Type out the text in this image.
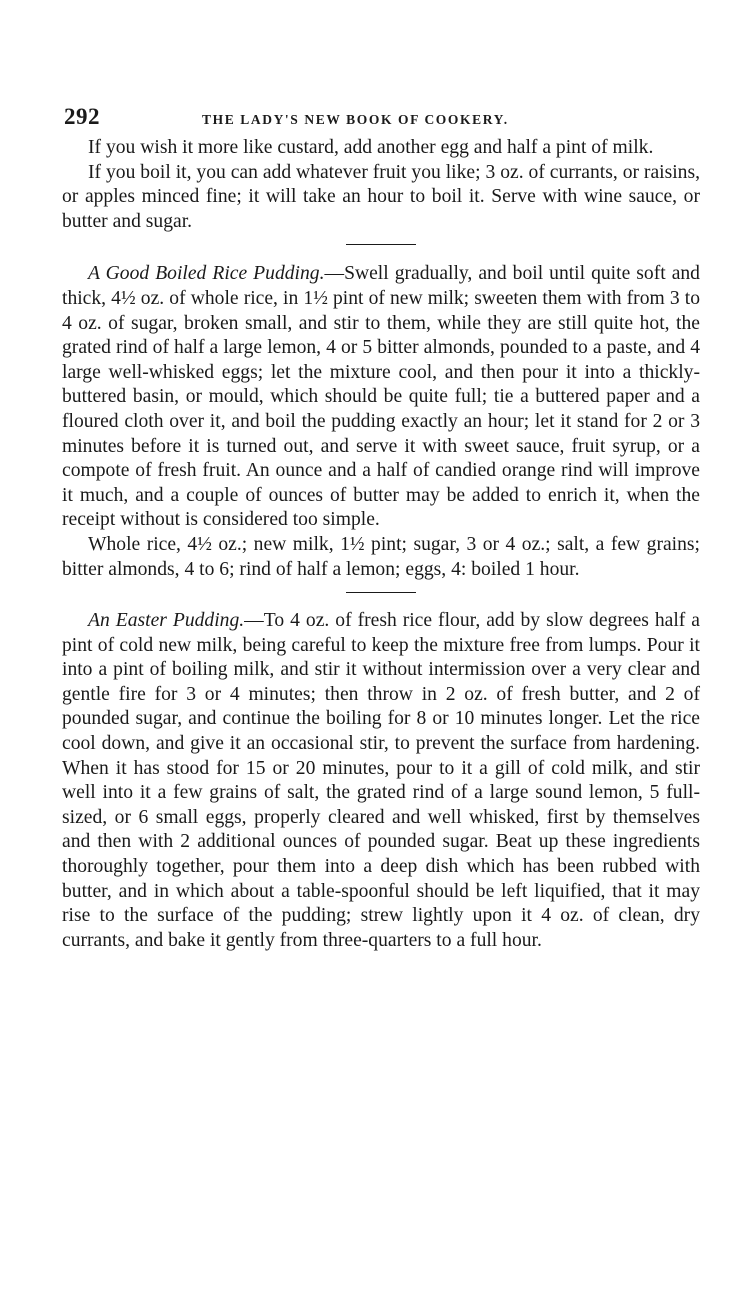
292	THE LADY'S NEW BOOK OF COOKERY.

If you wish it more like custard, add another egg and half a pint of milk.

If you boil it, you can add whatever fruit you like; 3 oz. of currants, or raisins, or apples minced fine; it will take an hour to boil it. Serve with wine sauce, or butter and sugar.

A Good Boiled Rice Pudding.—Swell gradually, and boil until quite soft and thick, 4½ oz. of whole rice, in 1½ pint of new milk; sweeten them with from 3 to 4 oz. of sugar, broken small, and stir to them, while they are still quite hot, the grated rind of half a large lemon, 4 or 5 bitter almonds, pounded to a paste, and 4 large well-whisked eggs; let the mixture cool, and then pour it into a thickly-buttered basin, or mould, which should be quite full; tie a buttered paper and a floured cloth over it, and boil the pudding exactly an hour; let it stand for 2 or 3 minutes before it is turned out, and serve it with sweet sauce, fruit syrup, or a compote of fresh fruit. An ounce and a half of candied orange rind will improve it much, and a couple of ounces of butter may be added to enrich it, when the receipt without is considered too simple.

Whole rice, 4½ oz.; new milk, 1½ pint; sugar, 3 or 4 oz.; salt, a few grains; bitter almonds, 4 to 6; rind of half a lemon; eggs, 4: boiled 1 hour.

An Easter Pudding.—To 4 oz. of fresh rice flour, add by slow degrees half a pint of cold new milk, being careful to keep the mixture free from lumps. Pour it into a pint of boiling milk, and stir it without intermission over a very clear and gentle fire for 3 or 4 minutes; then throw in 2 oz. of fresh butter, and 2 of pounded sugar, and continue the boiling for 8 or 10 minutes longer. Let the rice cool down, and give it an occasional stir, to prevent the surface from hardening. When it has stood for 15 or 20 minutes, pour to it a gill of cold milk, and stir well into it a few grains of salt, the grated rind of a large sound lemon, 5 full-sized, or 6 small eggs, properly cleared and well whisked, first by themselves and then with 2 additional ounces of pounded sugar. Beat up these ingredients thoroughly together, pour them into a deep dish which has been rubbed with butter, and in which about a table-spoonful should be left liquified, that it may rise to the surface of the pudding; strew lightly upon it 4 oz. of clean, dry currants, and bake it gently from three-quarters to a full hour.
